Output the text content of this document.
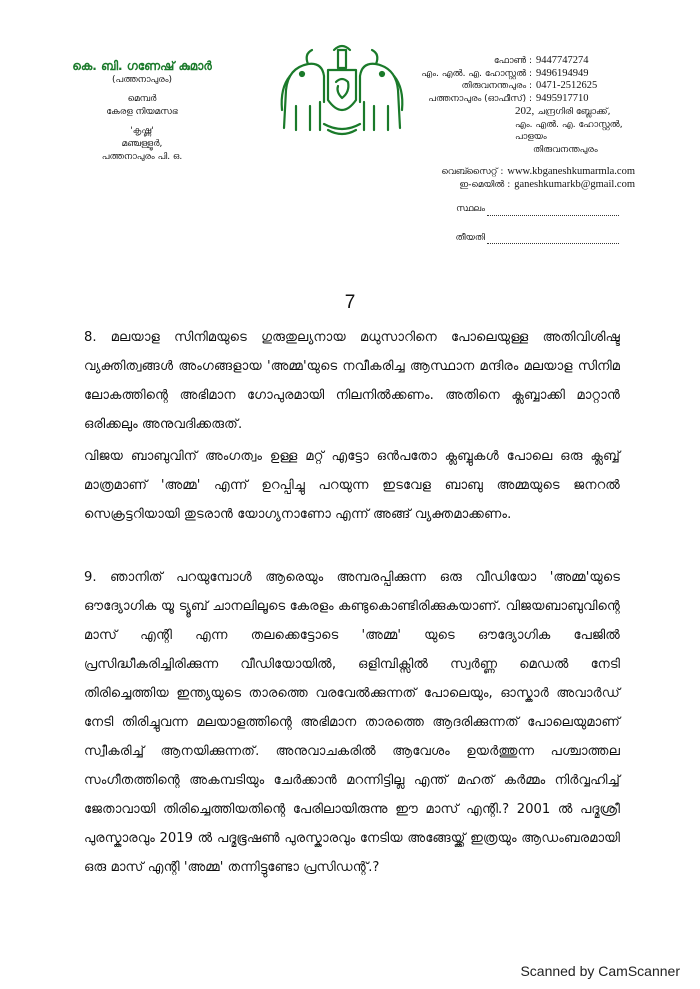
കെ. ബി. ഗണേഷ് കുമാർ
(പത്തനാപുരം)
മെമ്പർ
കേരള നിയമസഭ
'കൃഷ്ണ'
മഞ്ചള്ളൂർ,
പത്തനാപുരം പി. ഒ.
ഫോൺ : 9447747274
എം. എൽ. എ. ഹോസ്റ്റൽ : 9496194949
തിരുവനന്തപുരം : 0471-2512625
പത്തനാപുരം (ഓഫീസ്) : 9495917710
202, ചന്ദ്രഗിരി ബ്ലോക്ക്,
എം. എൽ. എ. ഹോസ്റ്റൽ, പാളയം
തിരുവനന്തപുരം
വെബ്സൈറ്റ് : www.kbganeshkumarmla.com
ഇ-മെയിൽ : ganeshkumarkb@gmail.com
സ്ഥലം
തീയതി
7

8. മലയാള സിനിമയുടെ ഗുരുതുല്യനായ മധുസാറിനെ പോലെയുള്ള അതിവിശിഷ്ട വ്യക്തിത്വങ്ങൾ അംഗങ്ങളായ 'അമ്മ'യുടെ നവീകരിച്ച ആസ്ഥാന മന്ദിരം മലയാള സിനിമ ലോകത്തിന്റെ അഭിമാന ഗോപുരമായി നിലനിൽക്കണം. അതിനെ ക്ലബ്ബാക്കി മാറ്റാൻ ഒരിക്കലും അനുവദിക്കരുത്.

വിജയ ബാബുവിന് അംഗത്വം ഉള്ള മറ്റ് എട്ടോ ഒൻപതോ ക്ലബ്ബുകൾ പോലെ ഒരു ക്ലബ്ബ് മാത്രമാണ് 'അമ്മ' എന്ന് ഉറപ്പിച്ചു പറയുന്ന ഇടവേള ബാബു അമ്മയുടെ ജനറൽ സെക്രട്ടറിയായി തുടരാൻ യോഗ്യനാണോ എന്ന് അങ്ങ് വ്യക്തമാക്കണം.

9. ഞാനിത് പറയുമ്പോൾ ആരെയും അമ്പരപ്പിക്കുന്ന ഒരു വീഡിയോ 'അമ്മ'യുടെ ഔദ്യോഗിക യൂ ട്യൂബ് ചാനലിലൂടെ കേരളം കണ്ടുകൊണ്ടിരിക്കുകയാണ്. വിജയബാബുവിന്റെ മാസ് എന്റി എന്ന തലക്കെട്ടോടെ 'അമ്മ' യുടെ ഔദ്യോഗിക പേജിൽ പ്രസിദ്ധീകരിച്ചിരിക്കുന്ന വീഡിയോയിൽ, ഒളിമ്പിക്സിൽ സ്വർണ്ണ മെഡൽ നേടി തിരിച്ചെത്തിയ ഇന്ത്യയുടെ താരത്തെ വരവേൽക്കുന്നത് പോലെയും, ഓസ്കാർ അവാർഡ് നേടി തിരിച്ചുവന്ന മലയാളത്തിന്റെ അഭിമാന താരത്തെ ആദരിക്കുന്നത് പോലെയുമാണ് സ്വീകരിച്ച് ആനയിക്കുന്നത്. അനുവാചകരിൽ ആവേശം ഉയർത്തുന്ന പശ്ചാത്തല സംഗീതത്തിന്റെ അകമ്പടിയും ചേർക്കാൻ മറന്നിട്ടില്ല എന്ത് മഹത് കർമ്മം നിർവ്വഹിച്ച് ജേതാവായി തിരിച്ചെത്തിയതിന്റെ പേരിലായിരുന്നു ഈ മാസ് എന്റി.? 2001 ൽ പദ്മശ്രീ പുരസ്കാരവും 2019 ൽ പദ്മഭൂഷൺ പുരസ്കാരവും നേടിയ അങ്ങേയ്ക്ക് ഇത്രയും ആഡംബരമായി ഒരു മാസ് എന്റി 'അമ്മ' തന്നിട്ടുണ്ടോ പ്രസിഡന്റ്.?

Scanned by CamScanner
